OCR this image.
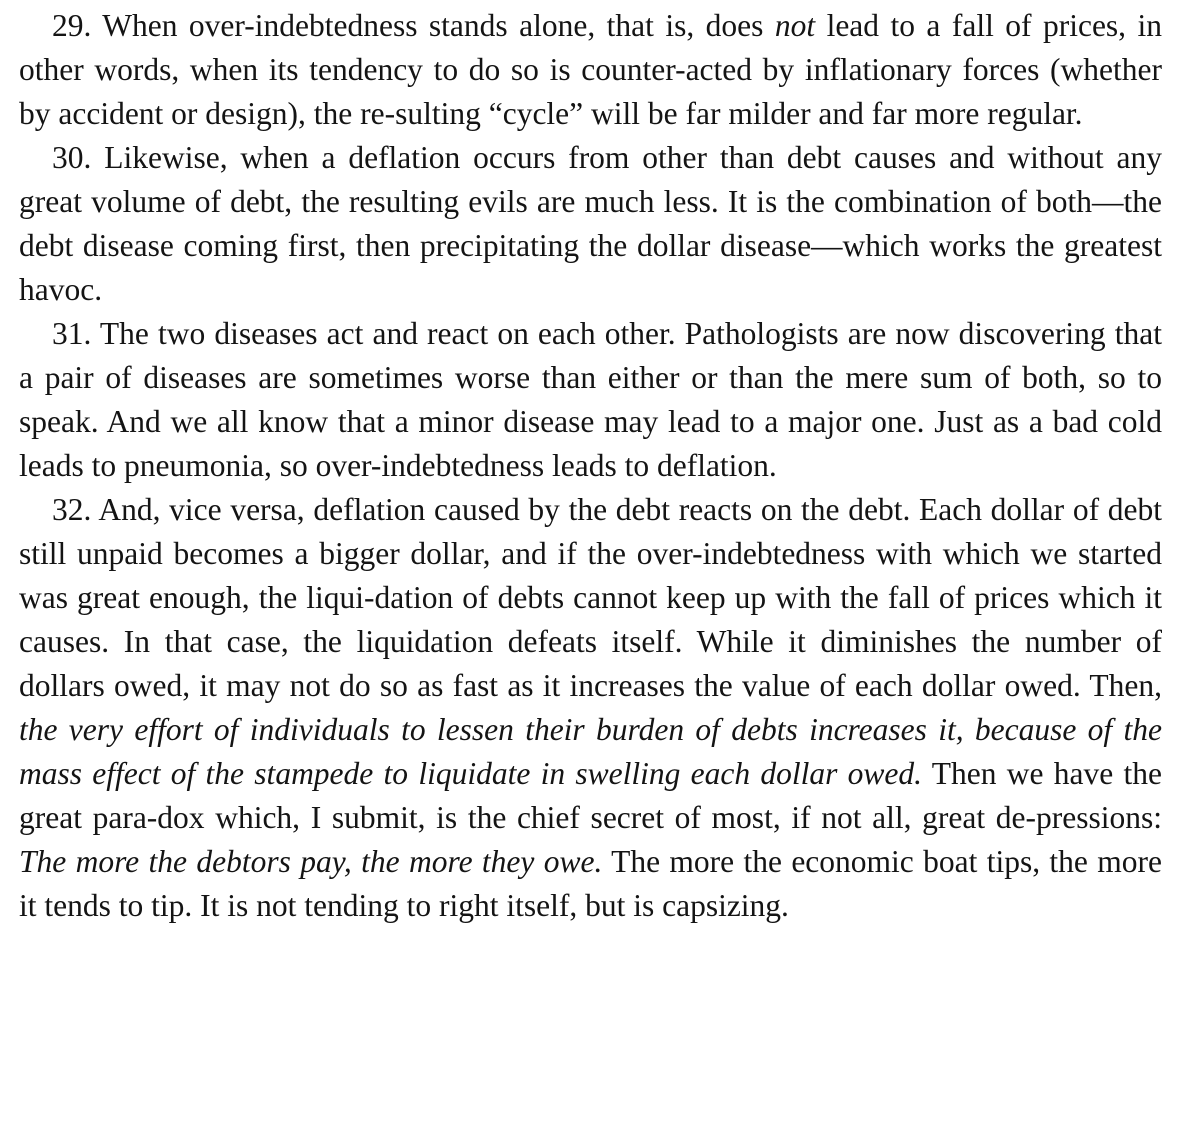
29. When over-indebtedness stands alone, that is, does not lead to a fall of prices, in other words, when its tendency to do so is counter-acted by inflationary forces (whether by accident or design), the re-sulting “cycle” will be far milder and far more regular.

30. Likewise, when a deflation occurs from other than debt causes and without any great volume of debt, the resulting evils are much less. It is the combination of both—the debt disease coming first, then precipitating the dollar disease—which works the greatest havoc.

31. The two diseases act and react on each other. Pathologists are now discovering that a pair of diseases are sometimes worse than either or than the mere sum of both, so to speak. And we all know that a minor disease may lead to a major one. Just as a bad cold leads to pneumonia, so over-indebtedness leads to deflation.

32. And, vice versa, deflation caused by the debt reacts on the debt. Each dollar of debt still unpaid becomes a bigger dollar, and if the over-indebtedness with which we started was great enough, the liqui-dation of debts cannot keep up with the fall of prices which it causes. In that case, the liquidation defeats itself. While it diminishes the number of dollars owed, it may not do so as fast as it increases the value of each dollar owed. Then, the very effort of individuals to lessen their burden of debts increases it, because of the mass effect of the stampede to liquidate in swelling each dollar owed. Then we have the great para-dox which, I submit, is the chief secret of most, if not all, great de-pressions: The more the debtors pay, the more they owe. The more the economic boat tips, the more it tends to tip. It is not tending to right itself, but is capsizing.
